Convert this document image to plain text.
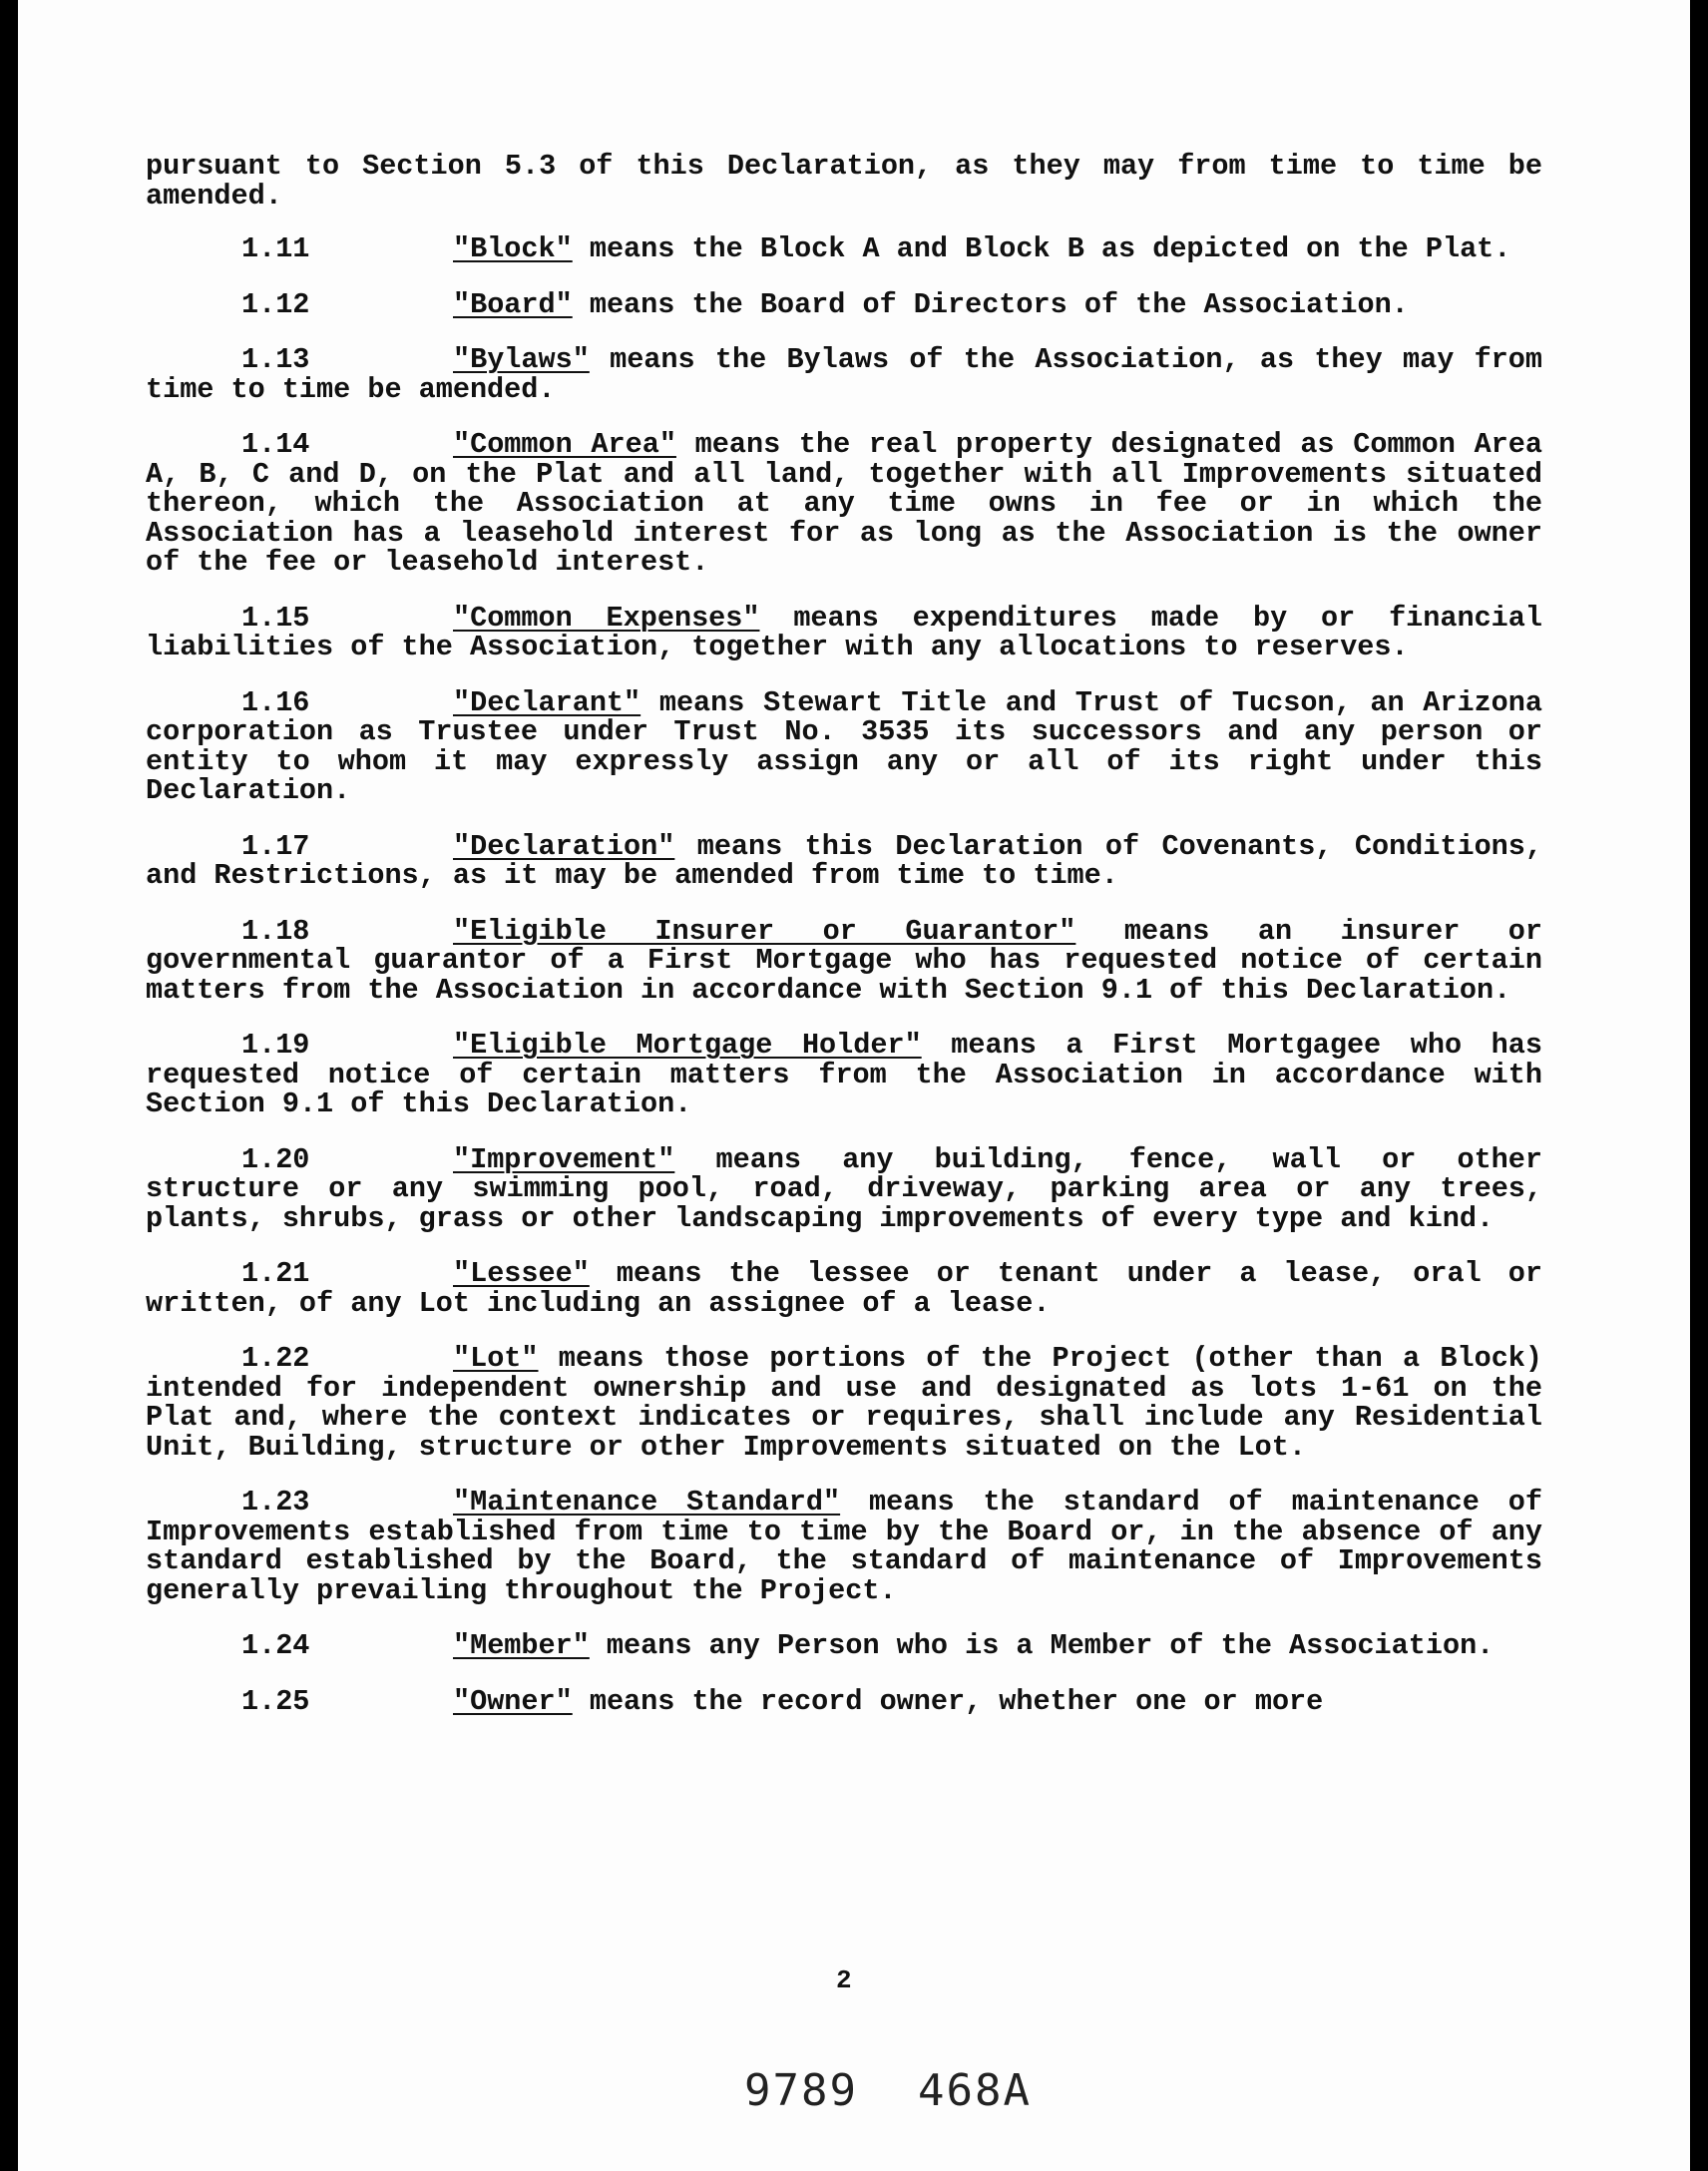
pursuant to Section 5.3 of this Declaration, as they may from time to time be amended.

1.11	"Block" means the Block A and Block B as depicted on the Plat.

1.12	"Board" means the Board of Directors of the Association.

1.13	"Bylaws" means the Bylaws of the Association, as they may from time to time be amended.

1.14	"Common Area" means the real property designated as Common Area A, B, C and D, on the Plat and all land, together with all Improvements situated thereon, which the Association at any time owns in fee or in which the Association has a leasehold interest for as long as the Association is the owner of the fee or leasehold interest.

1.15	"Common Expenses" means expenditures made by or financial liabilities of the Association, together with any allocations to reserves.

1.16	"Declarant" means Stewart Title and Trust of Tucson, an Arizona corporation as Trustee under Trust No. 3535 its successors and any person or entity to whom it may expressly assign any or all of its right under this Declaration.

1.17	"Declaration" means this Declaration of Covenants, Conditions, and Restrictions, as it may be amended from time to time.

1.18	"Eligible Insurer or Guarantor" means an insurer or governmental guarantor of a First Mortgage who has requested notice of certain matters from the Association in accordance with Section 9.1 of this Declaration.

1.19	"Eligible Mortgage Holder" means a First Mortgagee who has requested notice of certain matters from the Association in accordance with Section 9.1 of this Declaration.

1.20	"Improvement" means any building, fence, wall or other structure or any swimming pool, road, driveway, parking area or any trees, plants, shrubs, grass or other landscaping improvements of every type and kind.

1.21	"Lessee" means the lessee or tenant under a lease, oral or written, of any Lot including an assignee of a lease.

1.22	"Lot" means those portions of the Project (other than a Block) intended for independent ownership and use and designated as lots 1-61 on the Plat and, where the context indicates or requires, shall include any Residential Unit, Building, structure or other Improvements situated on the Lot.

1.23	"Maintenance Standard" means the standard of maintenance of Improvements established from time to time by the Board or, in the absence of any standard established by the Board, the standard of maintenance of Improvements generally prevailing throughout the Project.

1.24	"Member" means any Person who is a Member of the Association.

1.25	"Owner" means the record owner, whether one or more

2
9789 468A
